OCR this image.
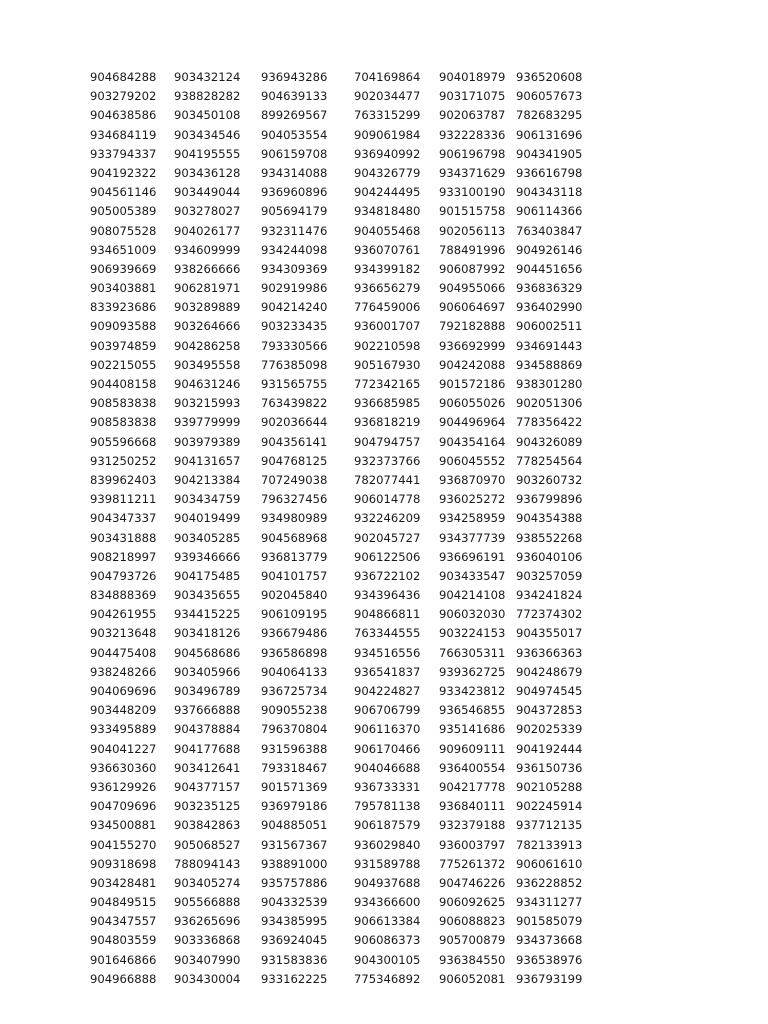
904684288	903432124	936943286	704169864	904018979 936520608
903279202	938828282	904639133	902034477	903171075 906057673
904638586	903450108	899269567	763315299	902063787 782683295
934684119	903434546	904053554	909061984	932228336 906131696
933794337	904195555	906159708	936940992	906196798 904341905
904192322	903436128	934314088	904326779	934371629 936616798
904561146	903449044	936960896	904244495	933100190 904343118
905005389	903278027	905694179	934818480	901515758 906114366
908075528	904026177	932311476	904055468	902056113 763403847
934651009	934609999	934244098	936070761	788491996 904926146
906939669	938266666	934309369	934399182	906087992 904451656
903403881	906281971	902919986	936656279	904955066 936836329
833923686	903289889	904214240	776459006	906064697 936402990
909093588	903264666	903233435	936001707	792182888 906002511
903974859	904286258	793330566	902210598	936692999 934691443
902215055	903495558	776385098	905167930	904242088 934588869
904408158	904631246	931565755	772342165	901572186 938301280
908583838	903215993	763439822	936685985	906055026 902051306
908583838	939779999	902036644	936818219	904496964 778356422
905596668	903979389	904356141	904794757	904354164 904326089
931250252	904131657	904768125	932373766	906045552 778254564
839962403	904213384	707249038	782077441	936870970 903260732
939811211	903434759	796327456	906014778	936025272 936799896
904347337	904019499	934980989	932246209	934258959 904354388
903431888	903405285	904568968	902045727	934377739 938552268
908218997	939346666	936813779	906122506	936696191 936040106
904793726	904175485	904101757	936722102	903433547 903257059
834888369	903435655	902045840	934396436	904214108 934241824
904261955	934415225	906109195	904866811	906032030 772374302
903213648	903418126	936679486	763344555	903224153 904355017
904475408	904568686	936586898	934516556	766305311 936366363
938248266	903405966	904064133	936541837	939362725 904248679
904069696	903496789	936725734	904224827	933423812 904974545
903448209	937666888	909055238	906706799	936546855 904372853
933495889	904378884	796370804	906116370	935141686 902025339
904041227	904177688	931596388	906170466	909609111 904192444
936630360	903412641	793318467	904046688	936400554 936150736
936129926	904377157	901571369	936733331	904217778 902105288
904709696	903235125	936979186	795781138	936840111 902245914
934500881	903842863	904885051	906187579	932379188 937712135
904155270	905068527	931567367	936029840	936003797 782133913
909318698	788094143	938891000	931589788	775261372 906061610
903428481	903405274	935757886	904937688	904746226 936228852
904849515	905566888	904332539	934366600	906092625 934311277
904347557	936265696	934385995	906613384	906088823 901585079
904803559	903336868	936924045	906086373	905700879 934373668
901646866	903407990	931583836	904300105	936384550 936538976
904966888	903430004	933162225	775346892	906052081 936793199
